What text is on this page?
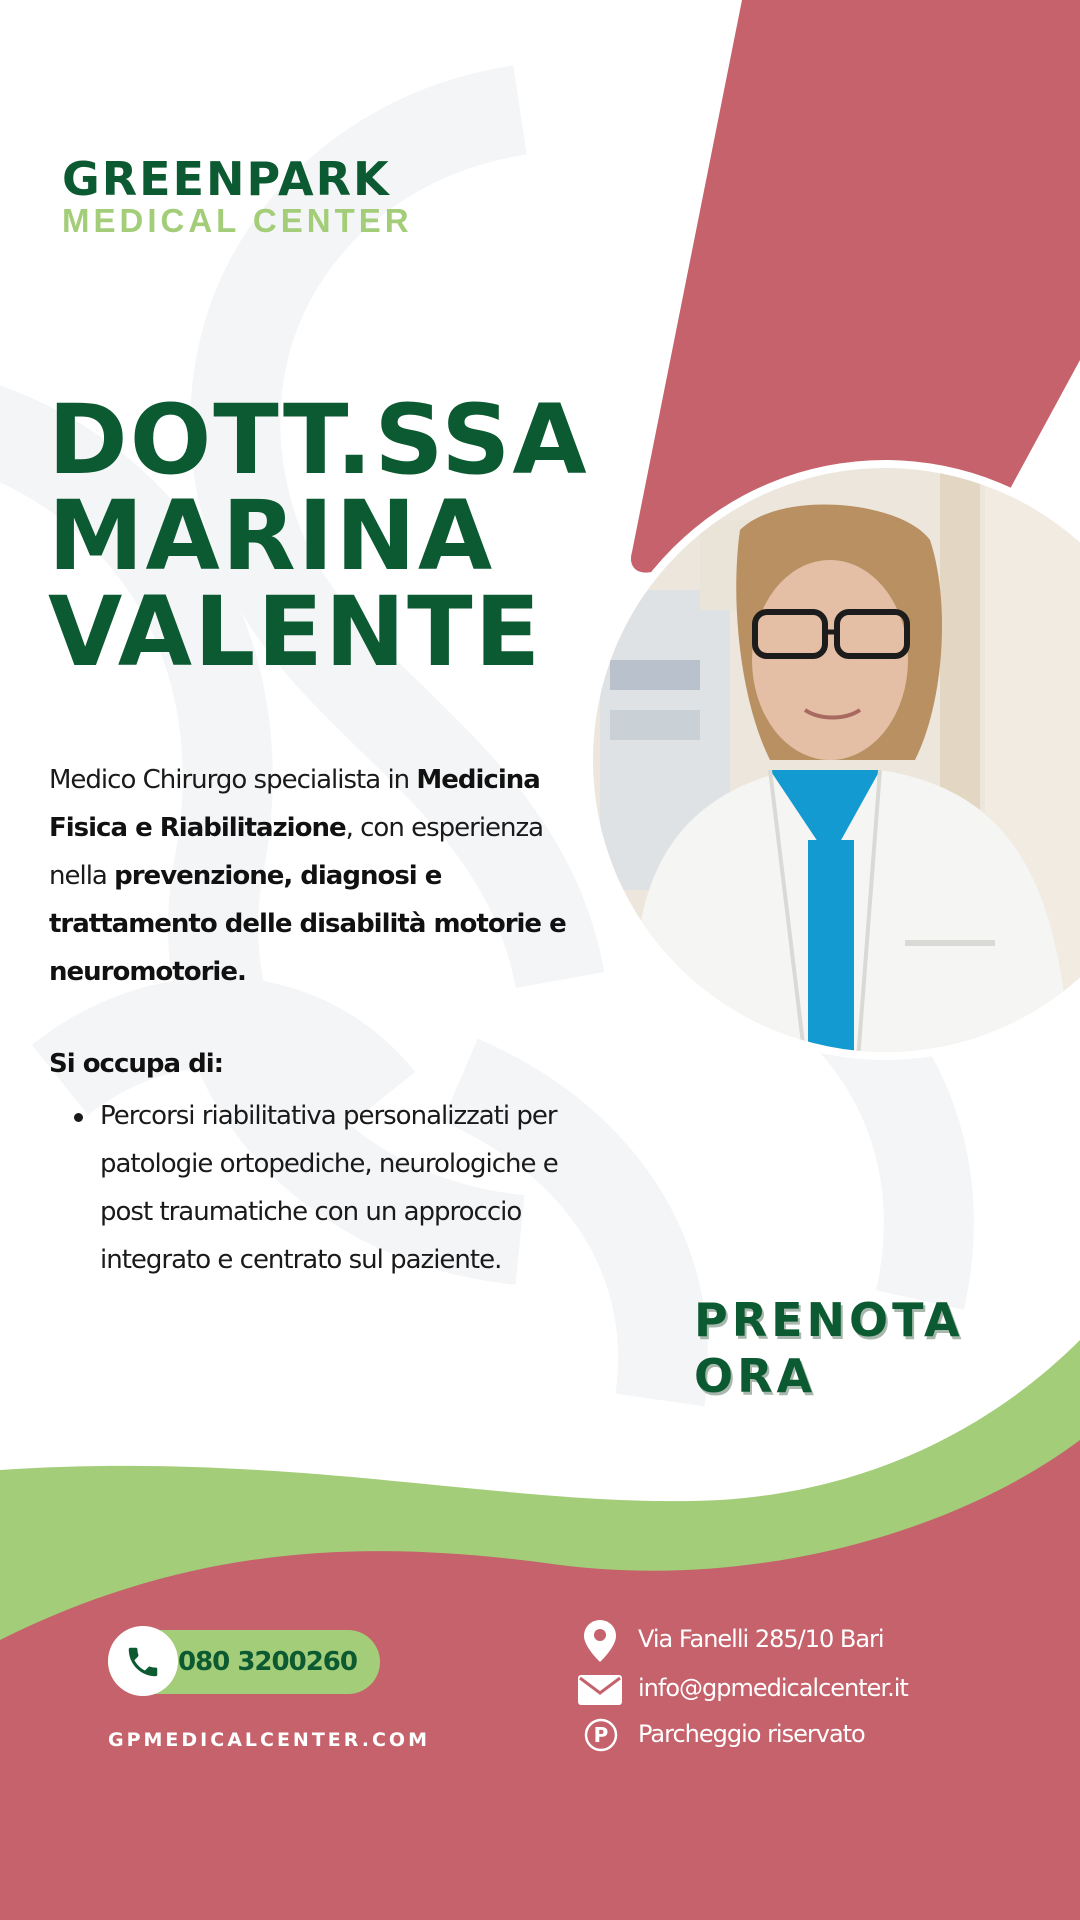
GREENPARK
MEDICAL CENTER
DOTT.SSA
MARINA
VALENTE

Medico Chirurgo specialista in Medicina Fisica e Riabilitazione, con esperienza nella prevenzione, diagnosi e trattamento delle disabilità motorie e neuromotorie.

Si occupa di:

Percorsi riabilitativa personalizzati per patologie ortopediche, neurologiche e post traumatiche con un approccio integrato e centrato sul paziente.
PRENOTA ORA
080 3200260
GPMEDICALCENTER.COM
Via Fanelli 285/10 Bari
info@gpmedicalcenter.it
P Parcheggio riservato
